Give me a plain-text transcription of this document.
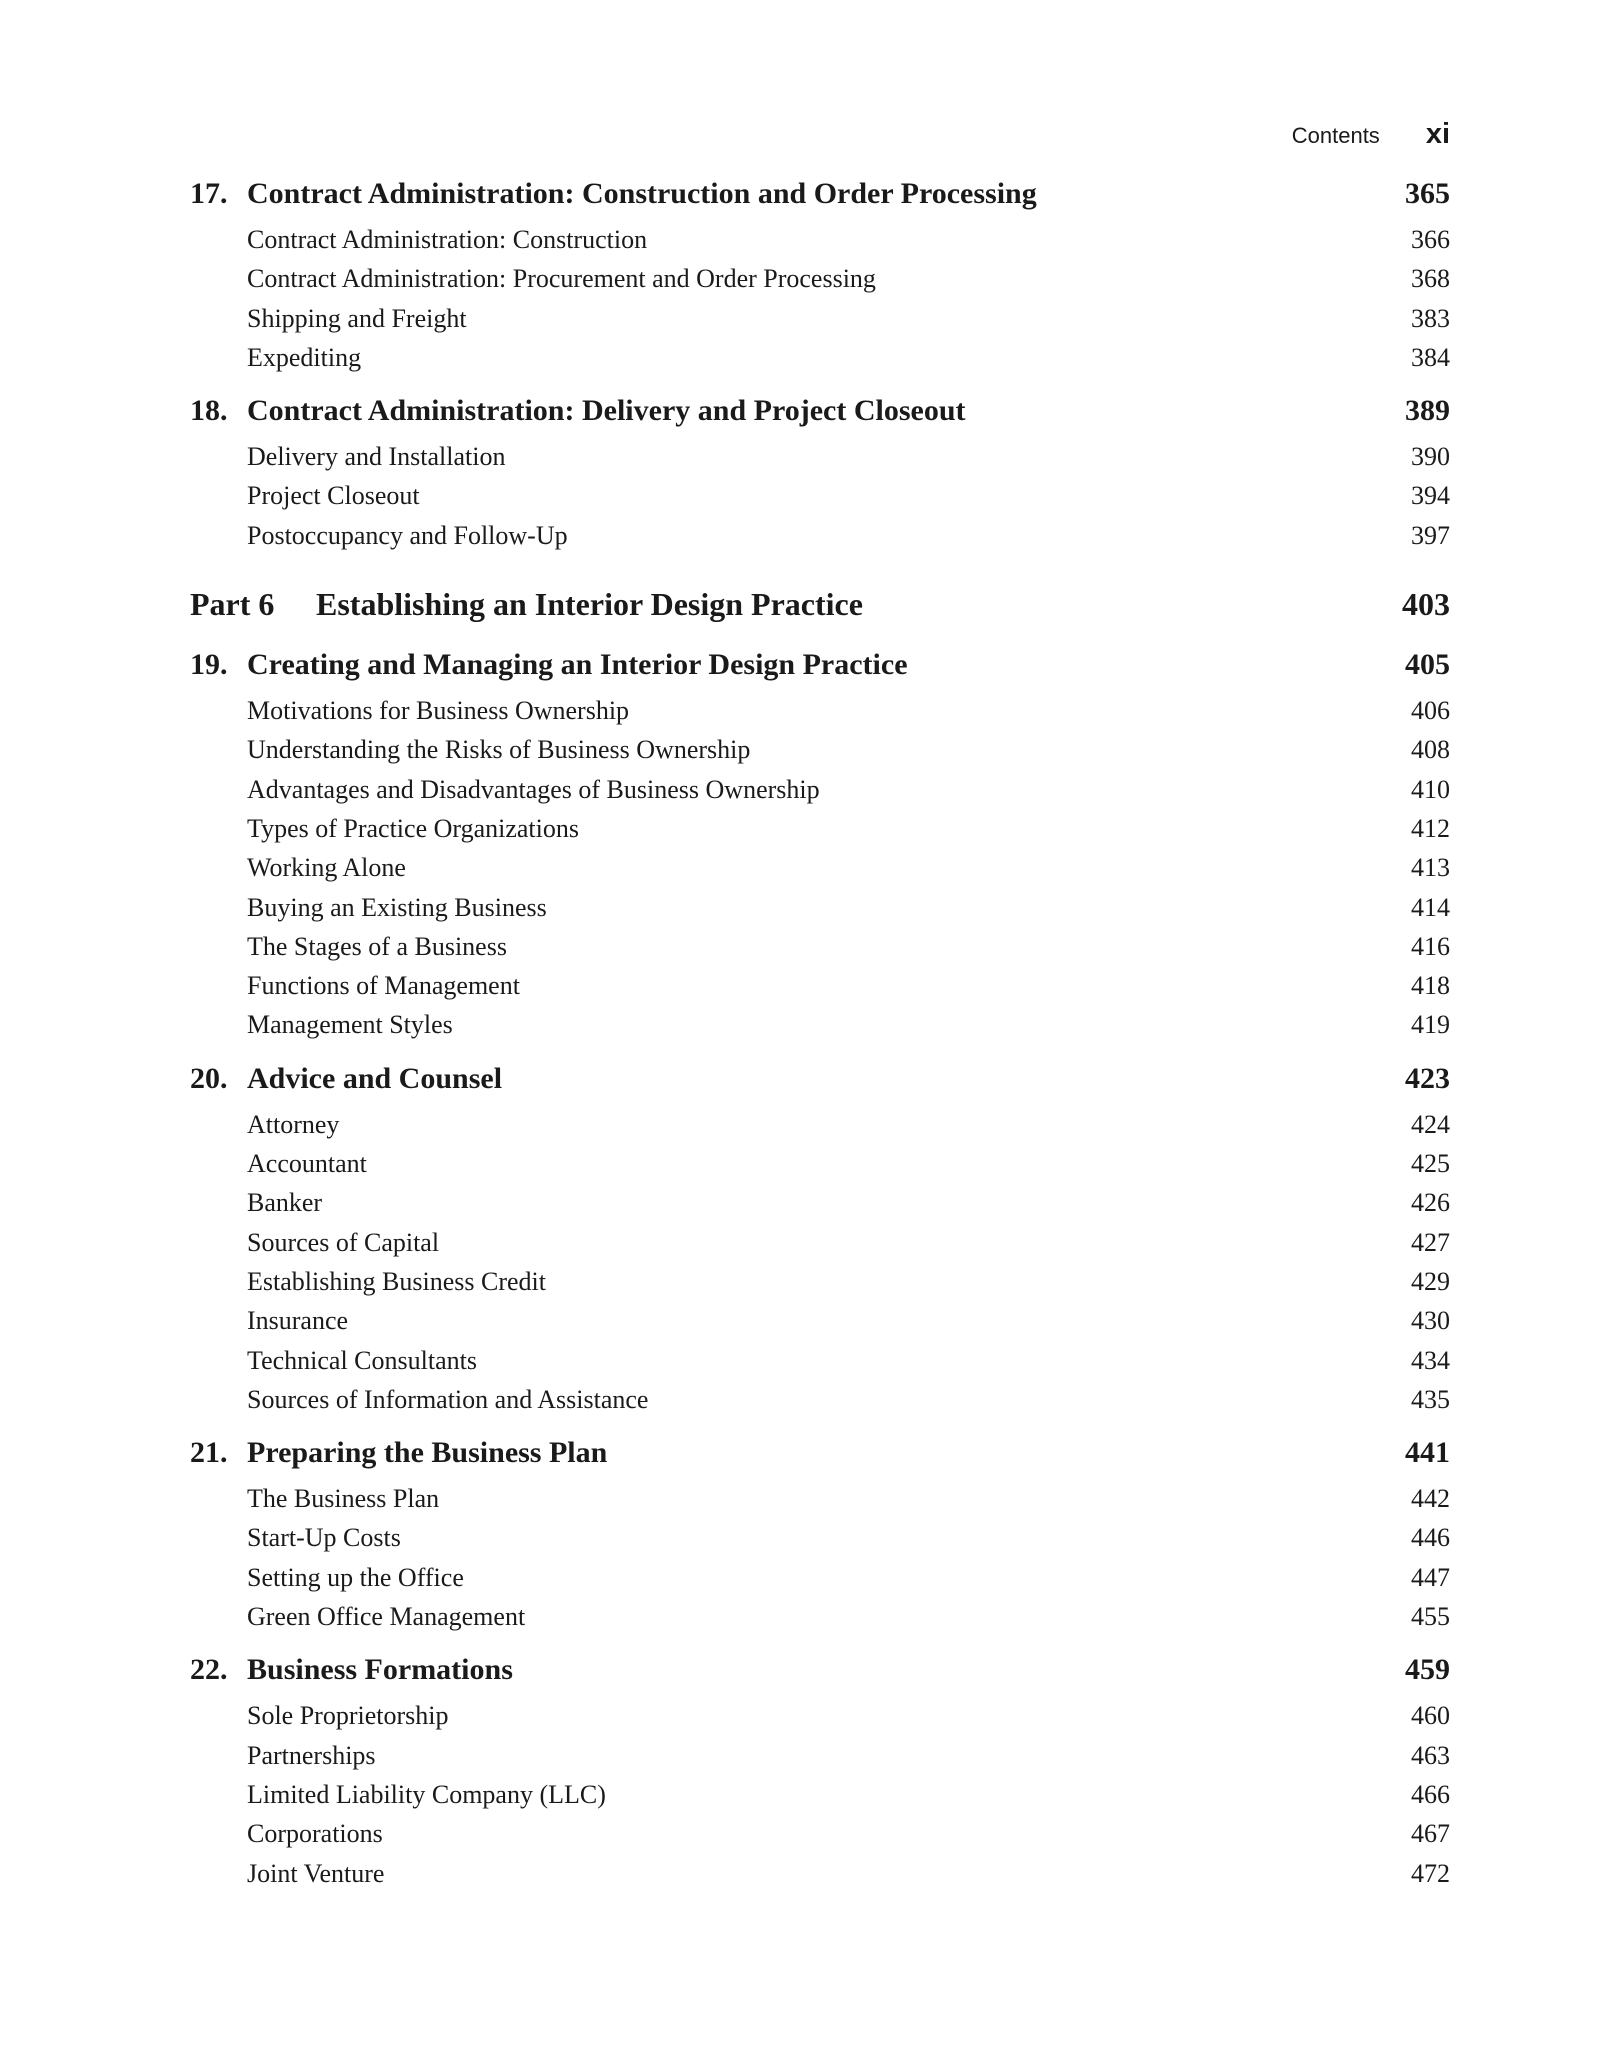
Contents xi
17. Contract Administration: Construction and Order Processing	365
Contract Administration: Construction	366
Contract Administration: Procurement and Order Processing	368
Shipping and Freight	383
Expediting	384
18. Contract Administration: Delivery and Project Closeout	389
Delivery and Installation	390
Project Closeout	394
Postoccupancy and Follow-Up	397
Part 6 Establishing an Interior Design Practice	403
19. Creating and Managing an Interior Design Practice	405
Motivations for Business Ownership	406
Understanding the Risks of Business Ownership	408
Advantages and Disadvantages of Business Ownership	410
Types of Practice Organizations	412
Working Alone	413
Buying an Existing Business	414
The Stages of a Business	416
Functions of Management	418
Management Styles	419
20. Advice and Counsel	423
Attorney	424
Accountant	425
Banker	426
Sources of Capital	427
Establishing Business Credit	429
Insurance	430
Technical Consultants	434
Sources of Information and Assistance	435
21. Preparing the Business Plan	441
The Business Plan	442
Start-Up Costs	446
Setting up the Office	447
Green Office Management	455
22. Business Formations	459
Sole Proprietorship	460
Partnerships	463
Limited Liability Company (LLC)	466
Corporations	467
Joint Venture	472
